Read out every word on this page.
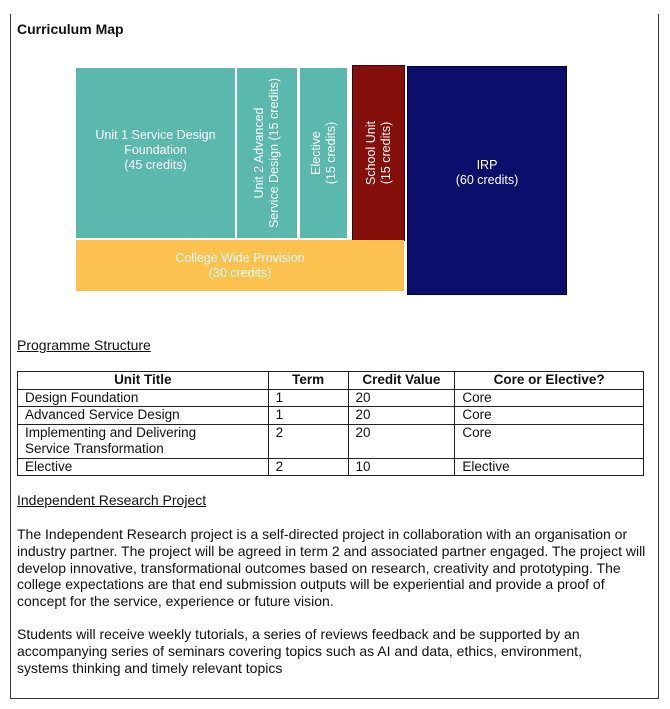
Curriculum Map
Unit 1 Service Design Foundation
(45 credits)	Unit 2 Advanced Service Design (15 credits) Elective (15 credits) School Unit (15 credits)
College Wide Provision
(30 credits)
IRP
(60 credits)
Programme Structure
Unit Title	Term	Credit Value	Core or Elective?
Design Foundation	1	20	Core
Advanced Service Design	1	20	Core
Implementing and Delivering Service Transformation	2	20	Core
Elective	2	10	Elective
Independent Research Project
The Independent Research project is a self-directed project in collaboration with an organisation or industry partner. The project will be agreed in term 2 and associated partner engaged. The project will develop innovative, transformational outcomes based on research, creativity and prototyping. The college expectations are that end submission outputs will be experiential and provide a proof of concept for the service, experience or future vision.
Students will receive weekly tutorials, a series of reviews feedback and be supported by an accompanying series of seminars covering topics such as AI and data, ethics, environment, systems thinking and timely relevant topics
